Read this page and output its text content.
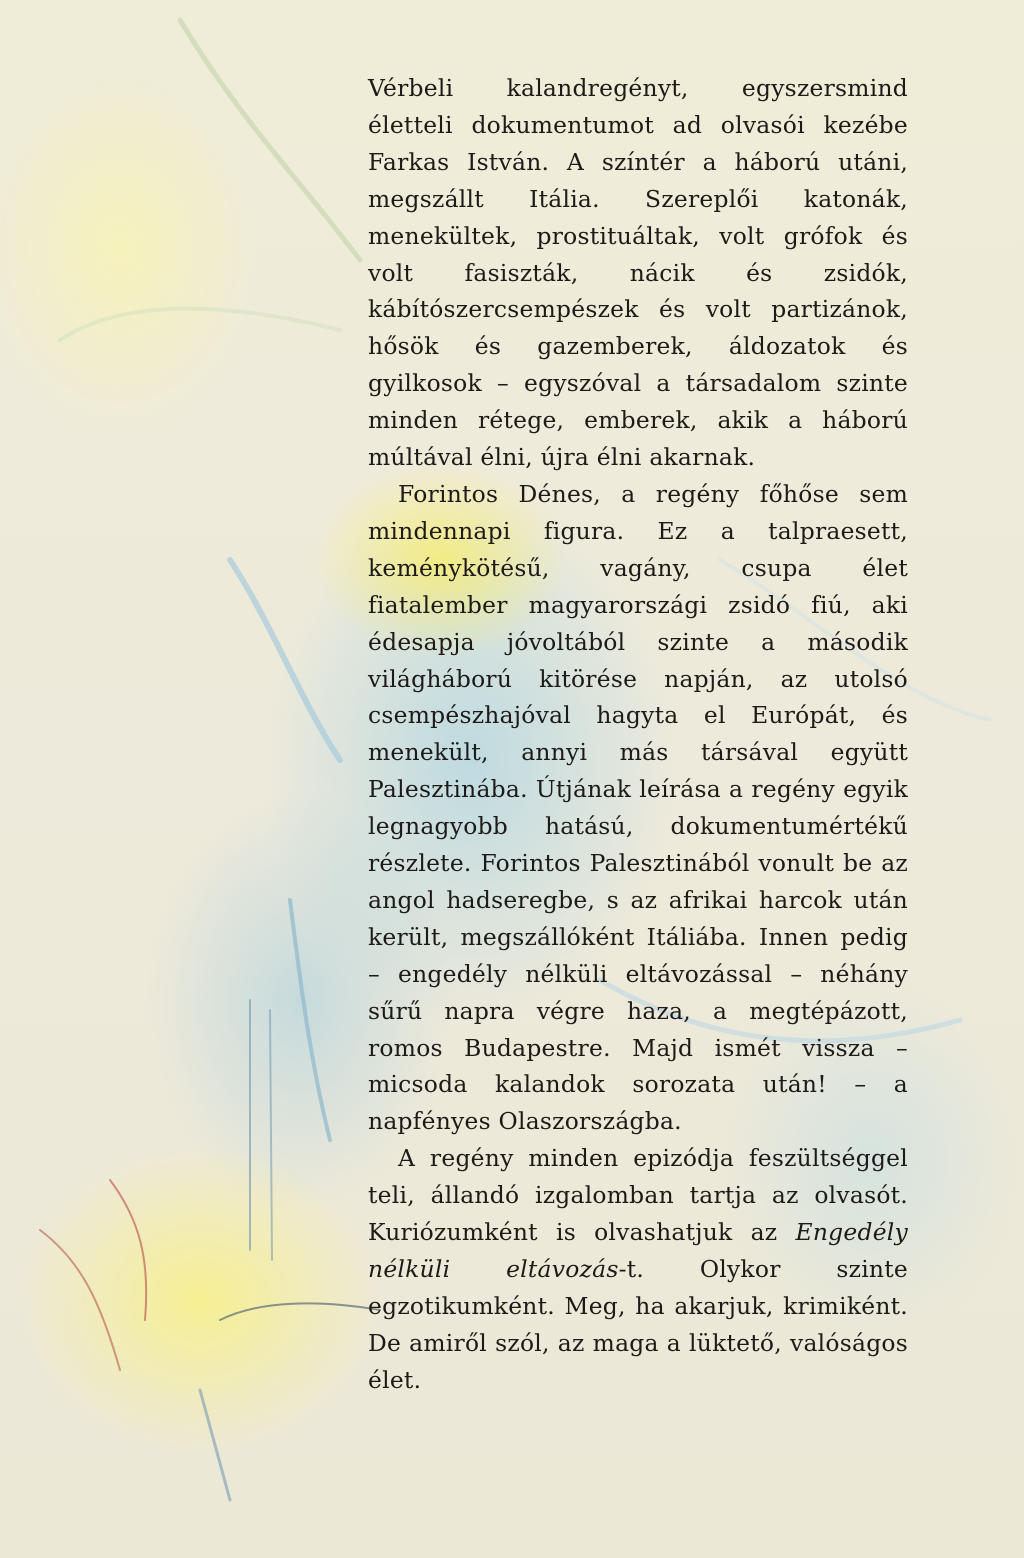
Vérbeli kalandregényt, egyszersmind életteli dokumentumot ad olvasói kezébe Farkas István. A színtér a háború utáni, megszállt Itália. Szereplői katonák, menekültek, prostituáltak, volt grófok és volt fasiszták, nácik és zsidók, kábítószercsempészek és volt partizánok, hősök és gazemberek, áldozatok és gyilkosok – egyszóval a társadalom szinte minden rétege, emberek, akik a háború múltával élni, újra élni akarnak.

Forintos Dénes, a regény főhőse sem mindennapi figura. Ez a talpraesett, keménykötésű, vagány, csupa élet fiatalember magyarországi zsidó fiú, aki édesapja jóvoltából szinte a második világháború kitörése napján, az utolsó csempészhajóval hagyta el Európát, és menekült, annyi más társával együtt Palesztinába. Útjának leírása a regény egyik legnagyobb hatású, dokumentumértékű részlete. Forintos Palesztinából vonult be az angol hadseregbe, s az afrikai harcok után került, megszállóként Itáliába. Innen pedig – engedély nélküli eltávozással – néhány sűrű napra végre haza, a megtépázott, romos Budapestre. Majd ismét vissza – micsoda kalandok sorozata után! – a napfényes Olaszországba.

A regény minden epizódja feszültséggel teli, állandó izgalomban tartja az olvasót. Kuriózumként is olvashatjuk az Engedély nélküli eltávozás-t. Olykor szinte egzotikumként. Meg, ha akarjuk, krimiként. De amiről szól, az maga a lüktető, valóságos élet.
